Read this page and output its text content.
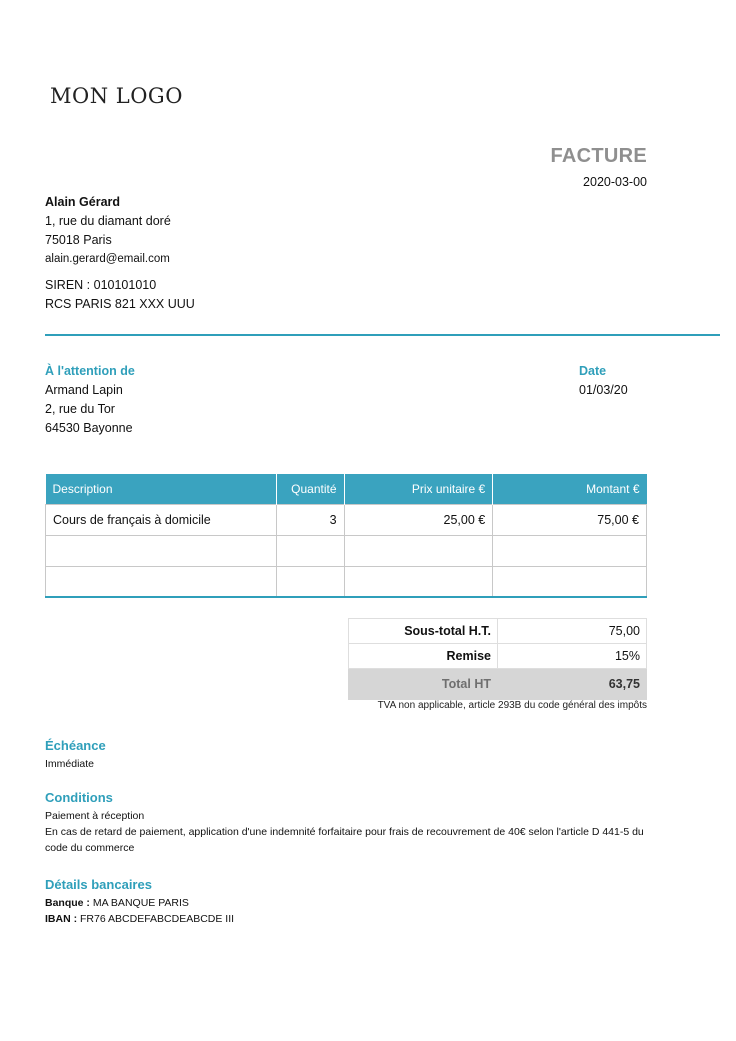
MON LOGO
FACTURE
2020-03-00
Alain Gérard
1, rue du diamant doré
75018 Paris
alain.gerard@email.com
SIREN : 010101010
RCS PARIS 821 XXX UUU
À l'attention de
Armand Lapin
2, rue du Tor
64530 Bayonne
Date
01/03/20
Description	Quantité	Prix unitaire €	Montant €
Cours de français à domicile	3	25,00 €	75,00 €

Sous-total H.T.	75,00
Remise	15%
Total HT	63,75
TVA non applicable, article 293B du code général des impôts
Échéance
Immédiate
Conditions
Paiement à réception
En cas de retard de paiement, application d'une indemnité forfaitaire pour frais de recouvrement de 40€ selon l'article D 441-5 du code du commerce
Détails bancaires
Banque : MA BANQUE PARIS
IBAN : FR76 ABCDEFABCDEABCDE III
